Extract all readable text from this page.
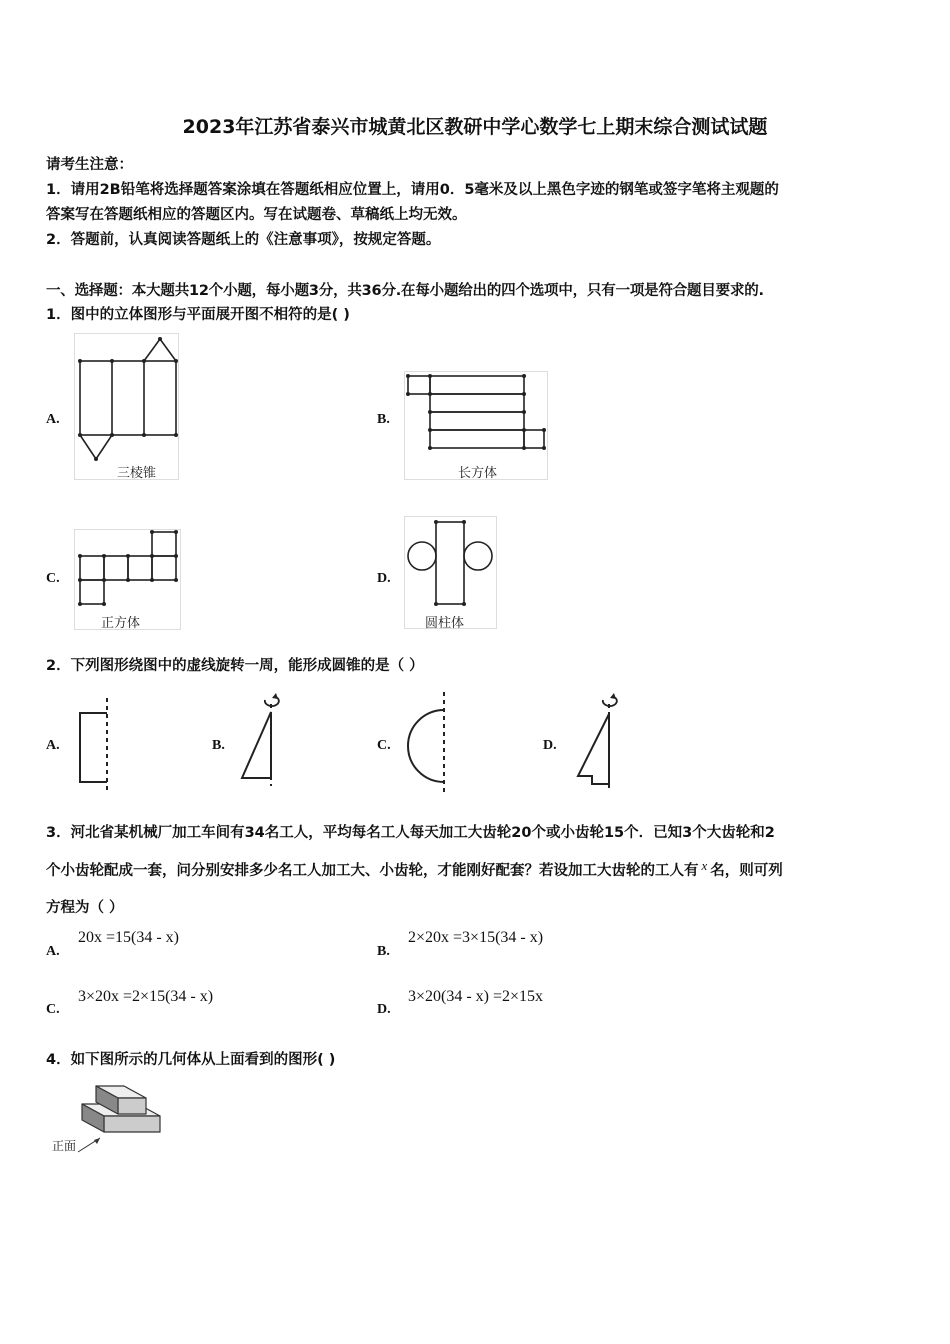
2023年江苏省泰兴市城黄北区教研中学心数学七上期末综合测试试题
请考生注意：
1．请用2B铅笔将选择题答案涂填在答题纸相应位置上，请用0．5毫米及以上黑色字迹的钢笔或签字笔将主观题的
答案写在答题纸相应的答题区内。写在试题卷、草稿纸上均无效。
2．答题前，认真阅读答题纸上的《注意事项》，按规定答题。
一、选择题：本大题共12个小题，每小题3分，共36分.在每小题给出的四个选项中，只有一项是符合题目要求的.
1．图中的立体图形与平面展开图不相符的是( )
A.
三棱锥
B.
长方体
C.
正方体
D.
圆柱体
2．下列图形绕图中的虚线旋转一周，能形成圆锥的是（ ）
A.	B.	C.	D.
3．河北省某机械厂加工车间有34名工人，平均每名工人每天加工大齿轮20个或小齿轮15个．已知3个大齿轮和2
个小齿轮配成一套，问分别安排多少名工人加工大、小齿轮，才能刚好配套？若设加工大齿轮的工人有 x 名，则可列
方程为（ ）
A.
20x =15(34 - x)
B.
2×20x =3×15(34 - x)
C.
3×20x =2×15(34 - x)
D.
3×20(34 - x) =2×15x
4．如下图所示的几何体从上面看到的图形( )
正面
